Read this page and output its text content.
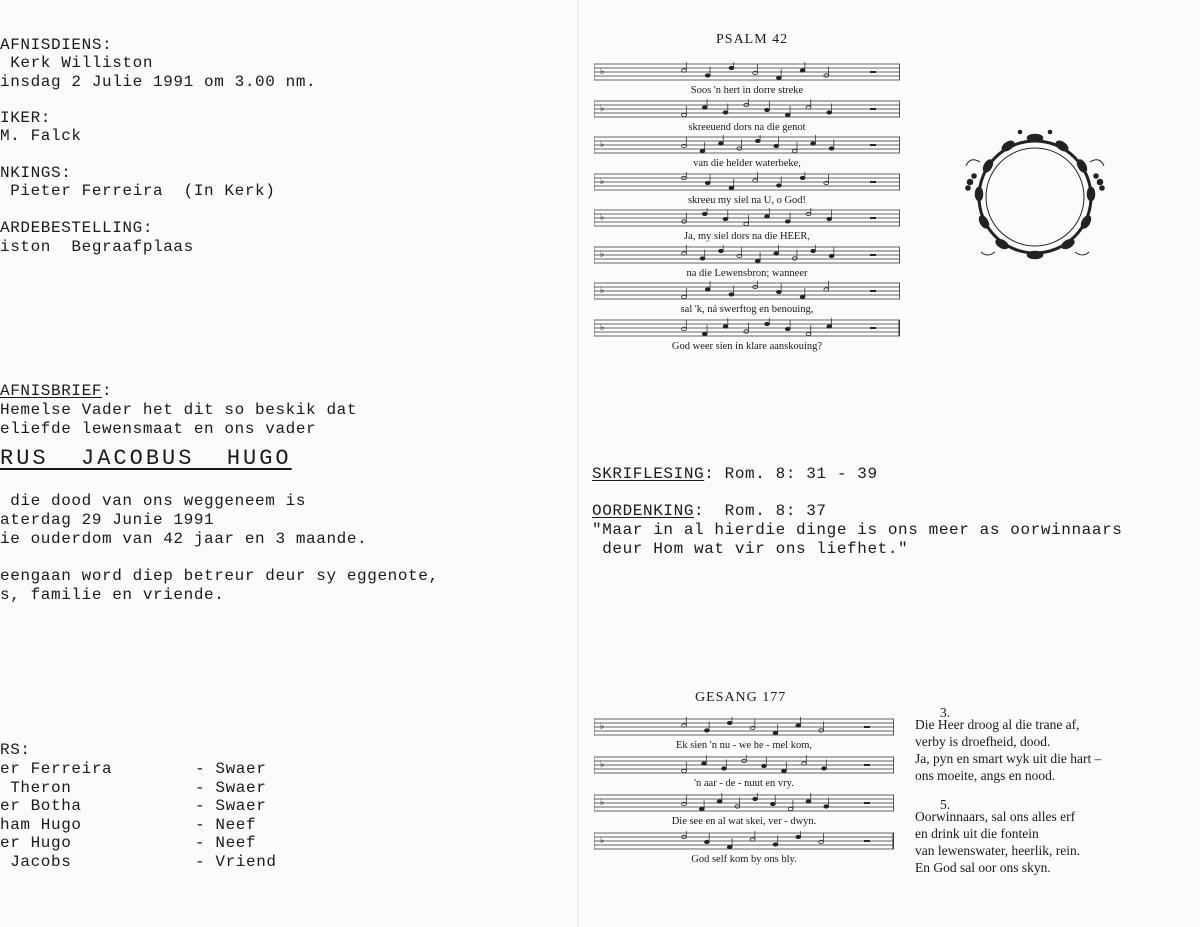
AFNISDIENS:
Kerk Williston
insdag 2 Julie 1991 om 3.00 nm.
IKER:
M. Falck
NKINGS:
Pieter Ferreira  (In Kerk)
ARDEBESTELLING:
iston  Begraafplaas
AFNISBRIEF:
Hemelse Vader het dit so beskik dat
eliefde lewensmaat en ons vader
RUS  JACOBUS  HUGO
die dood van ons weggeneem is
aterdag 29 Junie 1991
ie ouderdom van 42 jaar en 3 maande.
eengaan word diep betreur deur sy eggenote,
s, familie en vriende.
RS:
er Ferreira	- Swaer
Theron	- Swaer
er Botha	- Swaer
ham Hugo	- Neef
er Hugo	- Neef
Jacobs	- Vriend
PSALM 42
♭
Soos 'n hert in dorre streke
♭
skreeuend dors na die genot
♭
van die helder waterbeke,
♭
skreeu my siel na U, o God!
♭
Ja, my siel dors na die HEER,
♭
na die Lewensbron; wanneer
♭
sal 'k, ná swerftog en benouing,
♭
God weer sien in klare aanskouing?
SKRIFLESING: Rom. 8: 31 - 39
OORDENKING:  Rom. 8: 37
"Maar in al hierdie dinge is ons meer as oorwinnaars
deur Hom wat vir ons liefhet."
GESANG 177
♭
Ek sien 'n nu - we he - mel kom,
♭
'n aar - de - nuut en vry.
♭
Die see en al wat skei, ver - dwyn.
♭
God self kom by ons bly.
3.
Die Heer droog al die trane af,
verby is droefheid, dood.
Ja, pyn en smart wyk uit die hart –
ons moeite, angs en nood.
5.
Oorwinnaars, sal ons alles erf
en drink uit die fontein
van lewenswater, heerlik, rein.
En God sal oor ons skyn.
